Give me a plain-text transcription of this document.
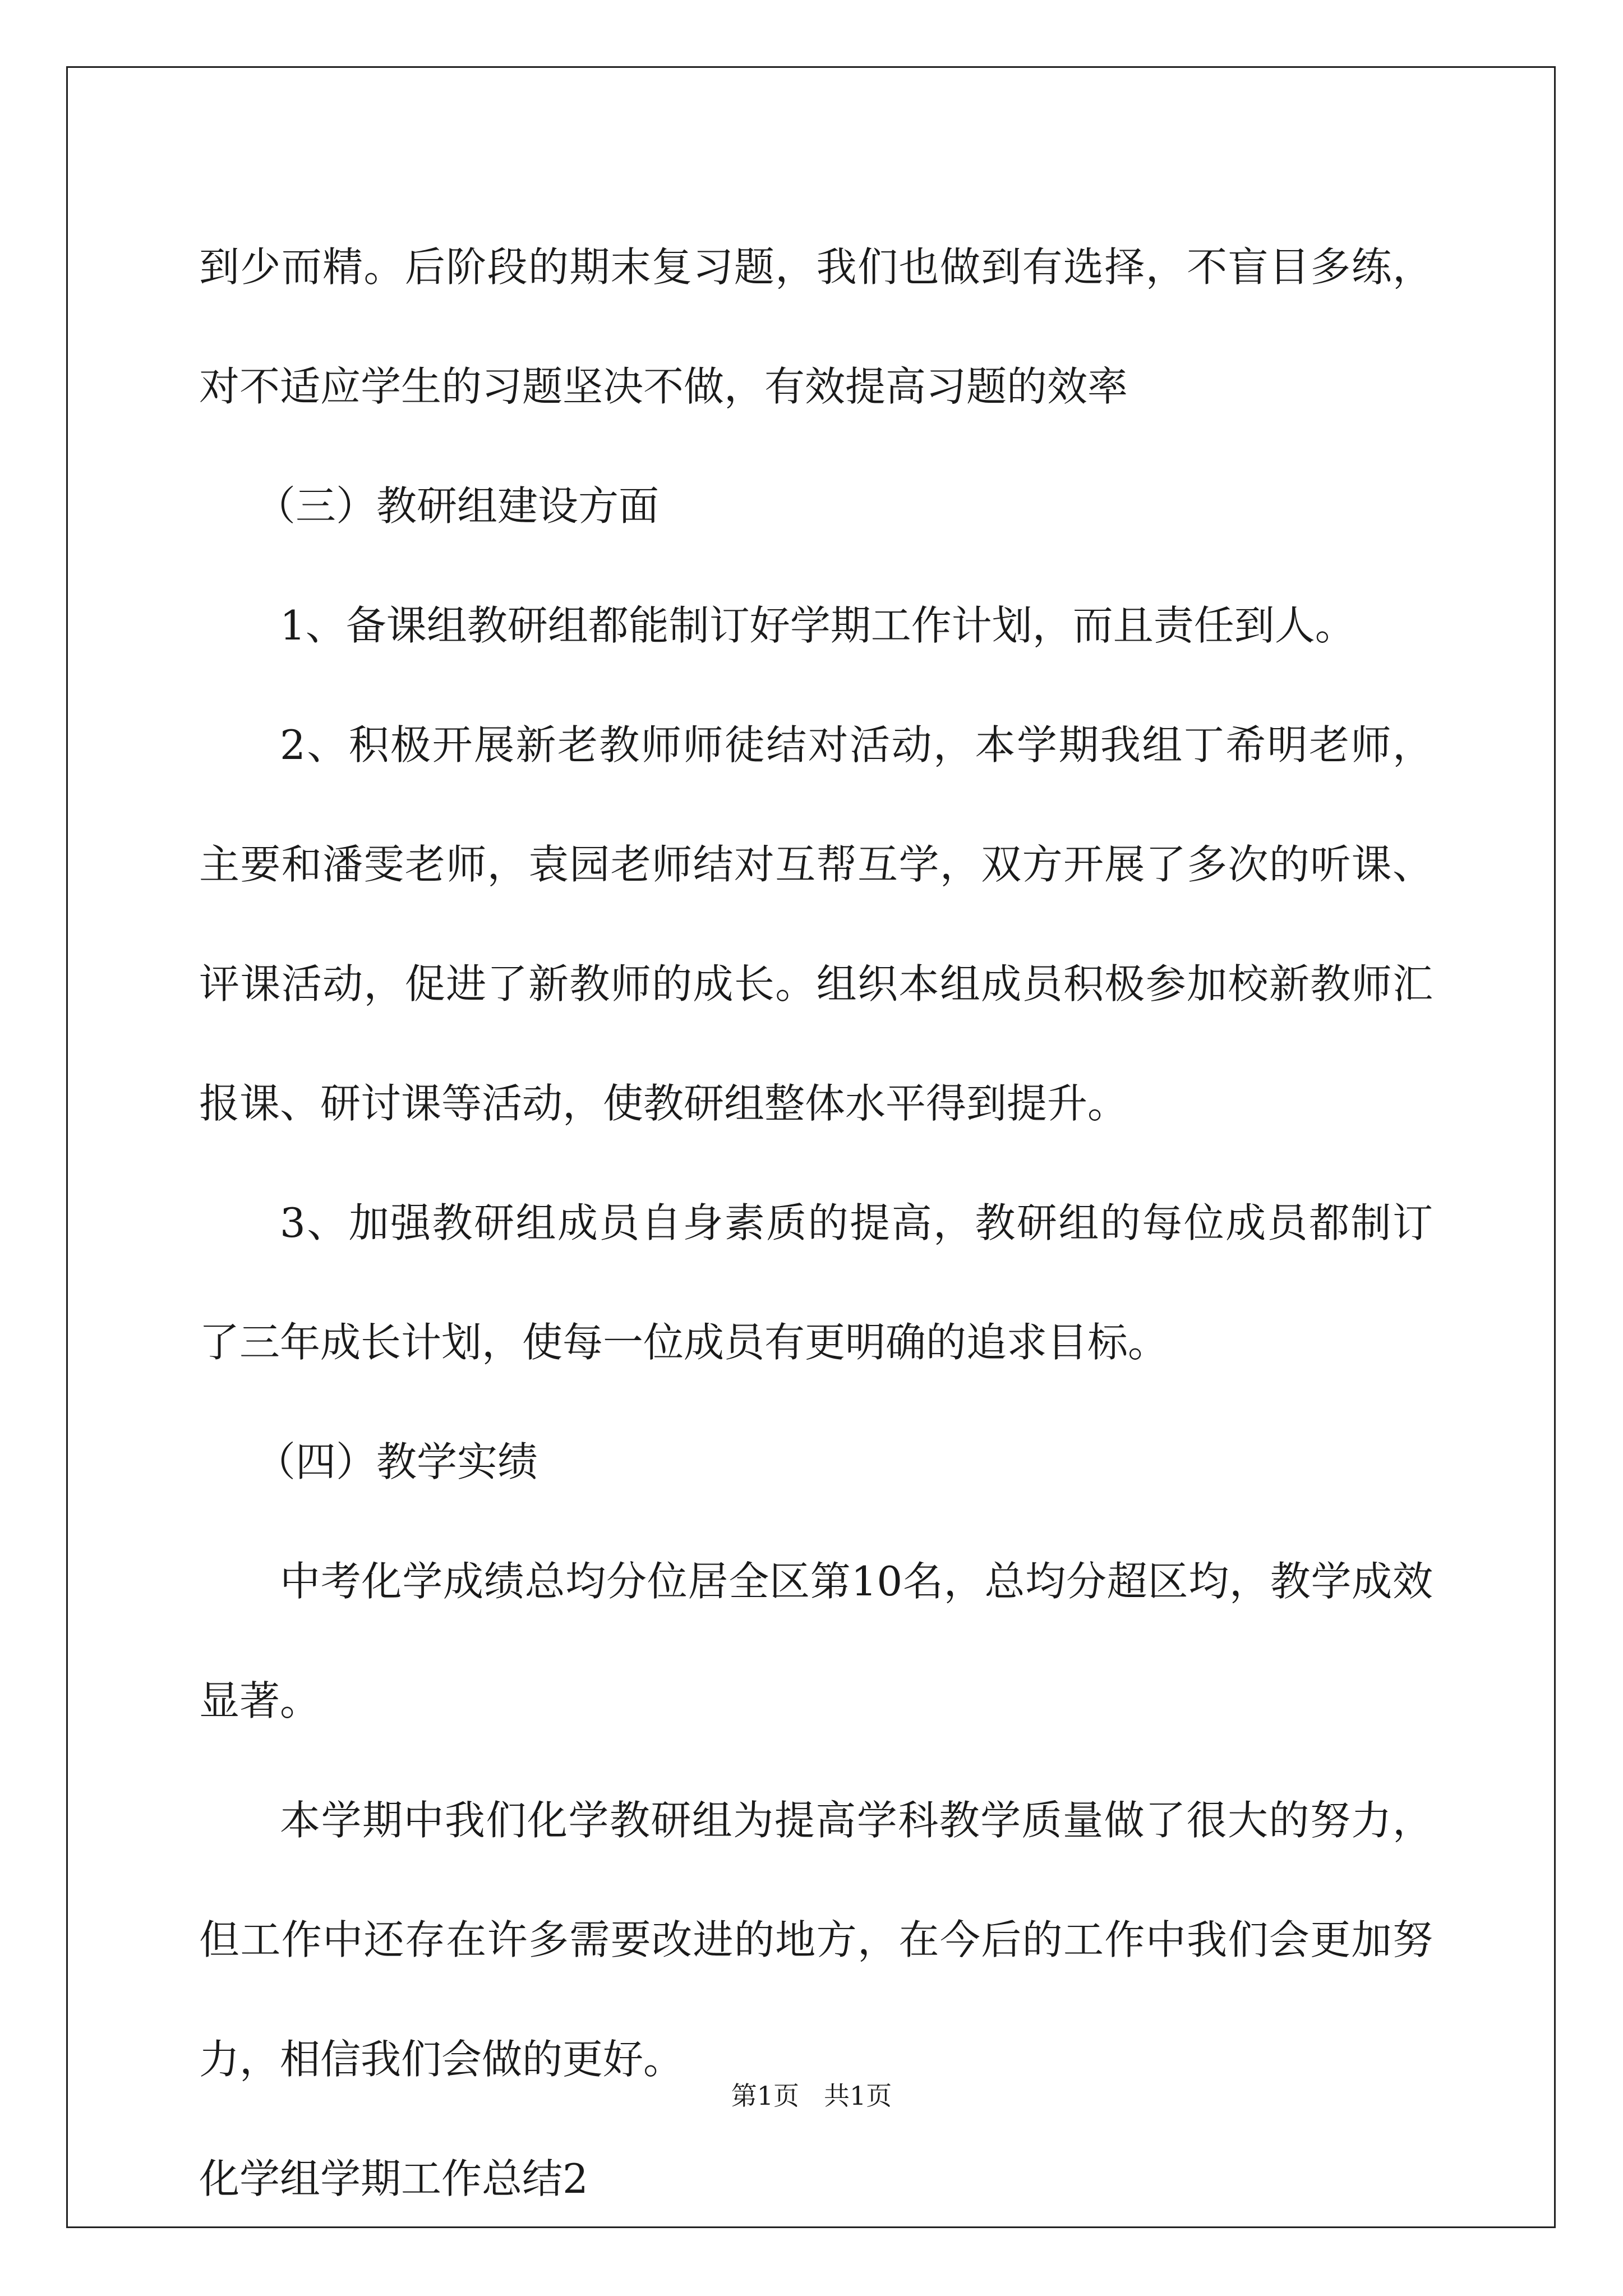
到少而精。后阶段的期末复习题，我们也做到有选择，不盲目多练，对不适应学生的习题坚决不做，有效提高习题的效率

（三）教研组建设方面

1、备课组教研组都能制订好学期工作计划，而且责任到人。

2、积极开展新老教师师徒结对活动，本学期我组丁希明老师，主要和潘雯老师，袁园老师结对互帮互学，双方开展了多次的听课、评课活动，促进了新教师的成长。组织本组成员积极参加校新教师汇报课、研讨课等活动，使教研组整体水平得到提升。

3、加强教研组成员自身素质的提高，教研组的每位成员都制订了三年成长计划，使每一位成员有更明确的追求目标。

（四）教学实绩

中考化学成绩总均分位居全区第10名，总均分超区均，教学成效显著。

本学期中我们化学教研组为提高学科教学质量做了很大的努力，但工作中还存在许多需要改进的地方，在今后的工作中我们会更加努力，相信我们会做的更好。

化学组学期工作总结2

第1页 共1页
